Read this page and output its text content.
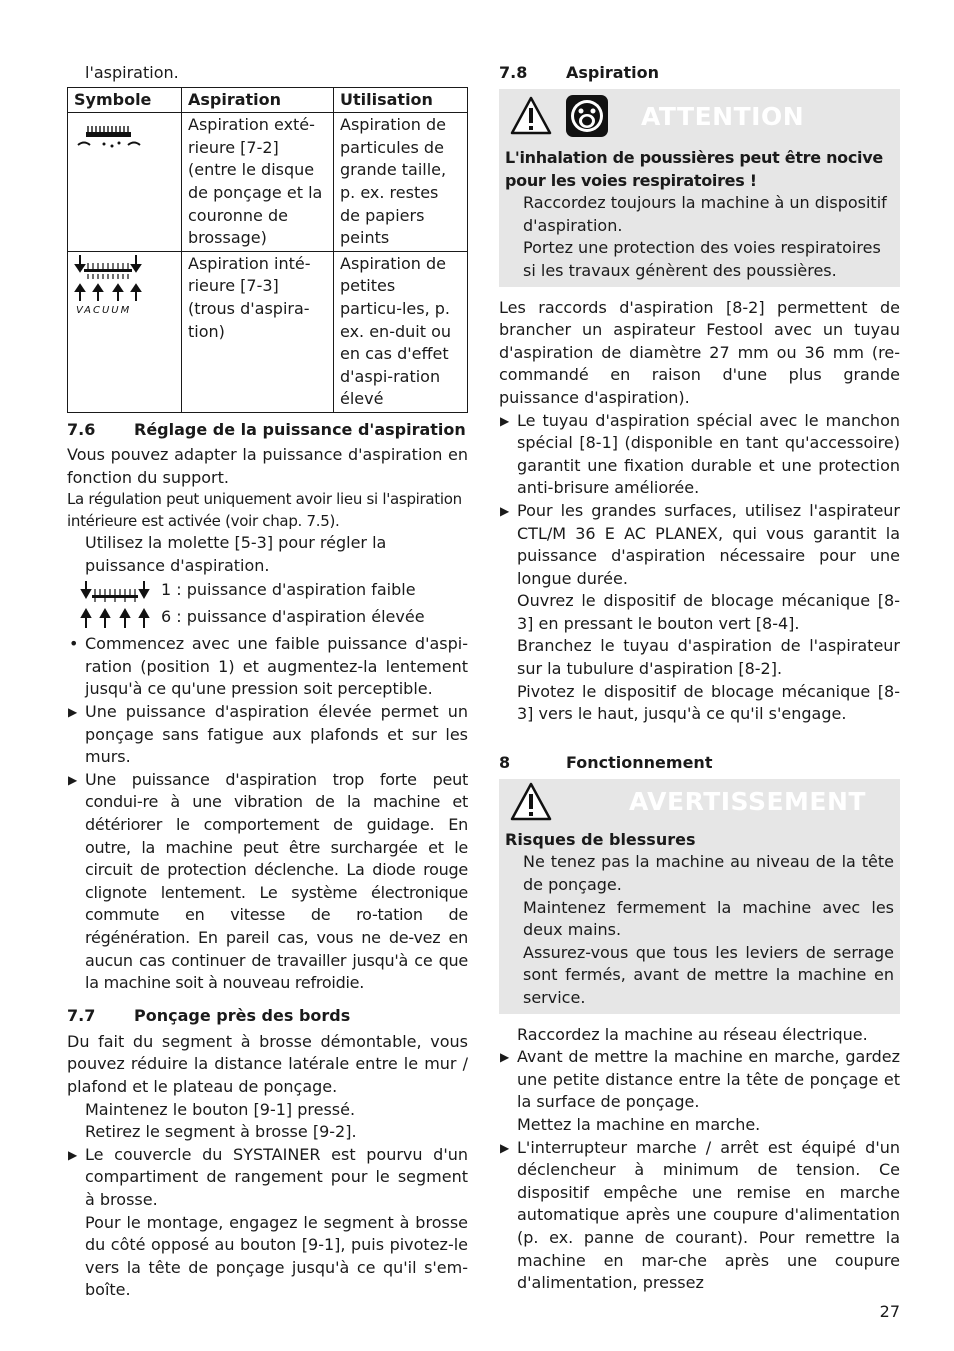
l'aspiration.

Symbole	Aspiration	Utilisation

	Aspiration exté-rieure [7-2] (entre le disque de ponçage et la couronne de brossage)	Aspiration de particules de grande taille, p. ex. restes de papiers peints

VACUUM	Aspiration inté-rieure [7-3] (trous d'aspira-tion)	Aspiration de petites particu-les, p. ex. en-duit ou en cas d'effet d'aspi-ration élevé
7.6	Réglage de la puissance d'aspiration

Vous pouvez adapter la puissance d'aspiration en fonction du support.

La régulation peut uniquement avoir lieu si l'aspiration intérieure est activée (voir chap. 7.5).

Utilisez la molette [5-3] pour régler la puissance d'aspiration.

1 : puissance d'aspiration faible

6 : puissance d'aspiration élevée

• Commencez avec une faible puissance d'aspi-ration (position 1) et augmentez-la lentement jusqu'à ce qu'une pression soit perceptible.

▶ Une puissance d'aspiration élevée permet un ponçage sans fatigue aux plafonds et sur les murs.

▶ Une puissance d'aspiration trop forte peut condui-re à une vibration de la machine et détériorer le comportement de guidage. En outre, la machine peut être surchargée et le circuit de protection déclenche. La diode rouge clignote lentement. Le système électronique commute en vitesse de ro-tation de régénération. En pareil cas, vous ne de-vez en aucun cas continuer de travailler jusqu'à ce que la machine soit à nouveau refroidie.

7.7	Ponçage près des bords

Du fait du segment à brosse démontable, vous pouvez réduire la distance latérale entre le mur / plafond et le plateau de ponçage.

Maintenez le bouton [9-1] pressé.

Retirez le segment à brosse [9-2].

▶ Le couvercle du SYSTAINER est pourvu d'un compartiment de rangement pour le segment à brosse.

Pour le montage, engagez le segment à brosse du côté opposé au bouton [9-1], puis pivotez-le vers la tête de ponçage jusqu'à ce qu'il s'em-boîte.

7.8	Aspiration
ATTENTION

L'inhalation de poussières peut être nocive pour les voies respiratoires !

Raccordez toujours la machine à un dispositif d'aspiration.

Portez une protection des voies respiratoires si les travaux génèrent des poussières.

Les raccords d'aspiration [8-2] permettent de brancher un aspirateur Festool avec un tuyau d'aspiration de diamètre 27 mm ou 36 mm (re-commandé en raison d'une plus grande puissance d'aspiration).

▶ Le tuyau d'aspiration spécial avec le manchon spécial [8-1] (disponible en tant qu'accessoire) garantit une fixation durable et une protection anti-brisure améliorée.

▶ Pour les grandes surfaces, utilisez l'aspirateur CTL/M 36 E AC PLANEX, qui vous garantit la puissance d'aspiration nécessaire pour une longue durée.

Ouvrez le dispositif de blocage mécanique [8-3] en pressant le bouton vert [8-4].

Branchez le tuyau d'aspiration de l'aspirateur sur la tubulure d'aspiration [8-2].

Pivotez le dispositif de blocage mécanique [8-3] vers le haut, jusqu'à ce qu'il s'engage.

8	Fonctionnement
AVERTISSEMENT

Risques de blessures

Ne tenez pas la machine au niveau de la tête de ponçage.

Maintenez fermement la machine avec les deux mains.

Assurez-vous que tous les leviers de serrage sont fermés, avant de mettre la machine en service.

Raccordez la machine au réseau électrique.

▶ Avant de mettre la machine en marche, gardez une petite distance entre la tête de ponçage et la surface de ponçage.

Mettez la machine en marche.

▶ L'interrupteur marche / arrêt est équipé d'un déclencheur à minimum de tension. Ce dispositif empêche une remise en marche automatique après une coupure d'alimentation (p. ex. panne de courant). Pour remettre la machine en mar-che après une coupure d'alimentation, pressez

27
